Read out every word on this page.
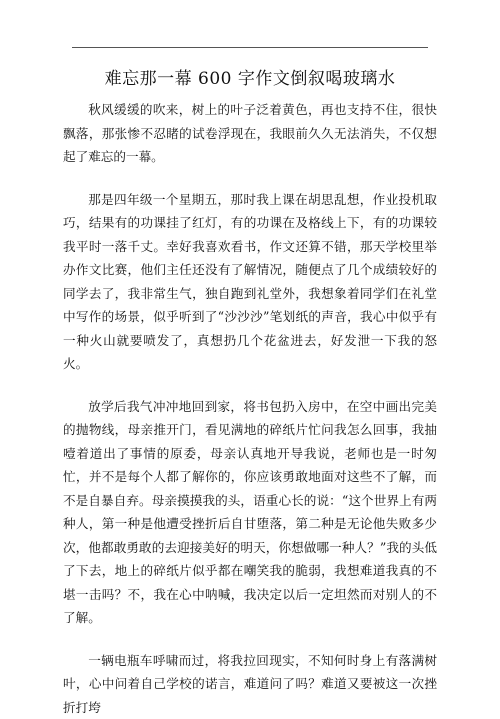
难忘那一幕 600 字作文倒叙喝玻璃水

秋风缓缓的吹来，树上的叶子泛着黄色，再也支持不住，很快飘落，那张惨不忍睹的试卷浮现在，我眼前久久无法消失，不仅想起了难忘的一幕。

那是四年级一个星期五，那时我上课在胡思乱想，作业投机取巧，结果有的功课挂了红灯，有的功课在及格线上下，有的功课较我平时一落千丈。幸好我喜欢看书，作文还算不错，那天学校里举办作文比赛，他们主任还没有了解情况，随便点了几个成绩较好的同学去了，我非常生气，独自跑到礼堂外，我想象着同学们在礼堂中写作的场景，似乎听到了“沙沙沙”笔划纸的声音，我心中似乎有一种火山就要喷发了，真想扔几个花盆进去，好发泄一下我的怒火。

放学后我气冲冲地回到家，将书包扔入房中，在空中画出完美的抛物线，母亲推开门，看见满地的碎纸片忙问我怎么回事，我抽噎着道出了事情的原委，母亲认真地开导我说，老师也是一时匆忙，并不是每个人都了解你的，你应该勇敢地面对这些不了解，而不是自暴自弃。母亲摸摸我的头，语重心长的说：“这个世界上有两种人，第一种是他遭受挫折后自甘堕落，第二种是无论他失败多少次，他都敢勇敢的去迎接美好的明天，你想做哪一种人？”我的头低了下去，地上的碎纸片似乎都在嘲笑我的脆弱，我想难道我真的不堪一击吗？不，我在心中呐喊，我决定以后一定坦然而对别人的不了解。

一辆电瓶车呼啸而过，将我拉回现实，不知何时身上有落满树叶，心中问着自己学校的诺言，难道问了吗？难道又要被这一次挫折打垮
